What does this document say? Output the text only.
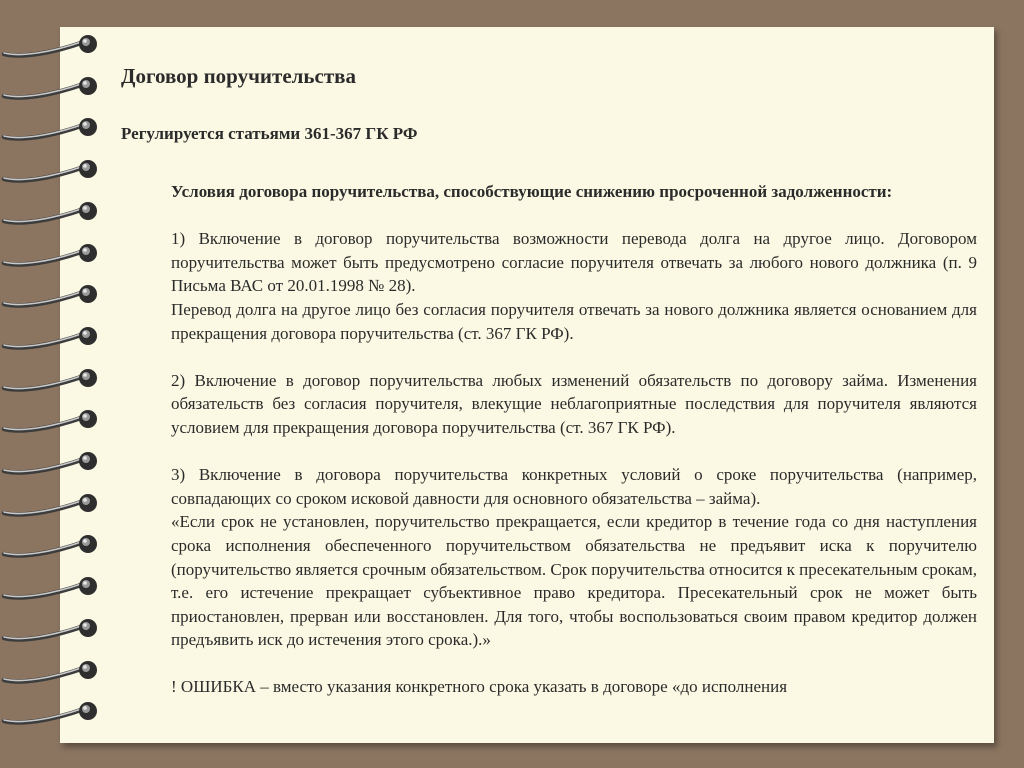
Договор поручительства
Регулируется статьями 361-367 ГК РФ

Условия договора поручительства, способствующие снижению просроченной задолженности:

1) Включение в договор поручительства возможности перевода долга на другое лицо. Договором поручительства может быть предусмотрено согласие поручителя отвечать за любого нового должника (п. 9 Письма ВАС от 20.01.1998 № 28).

Перевод долга на другое лицо без согласия поручителя отвечать за нового должника является основанием для прекращения договора поручительства (ст. 367 ГК РФ).

2) Включение в договор поручительства любых изменений обязательств по договору займа. Изменения обязательств без согласия поручителя, влекущие неблагоприятные последствия для поручителя являются условием для прекращения договора поручительства (ст. 367 ГК РФ).

3) Включение в договора поручительства конкретных условий о сроке поручительства (например, совпадающих со сроком исковой давности для основного обязательства – займа).

«Если срок не установлен, поручительство прекращается, если кредитор в течение года со дня наступления срока исполнения обеспеченного поручительством обязательства не предъявит иска к поручителю (поручительство является срочным обязательством. Срок поручительства относится к пресекательным срокам, т.е. его истечение прекращает субъективное право кредитора. Пресекательный срок не может быть приостановлен, прерван или восстановлен. Для того, чтобы воспользоваться своим правом кредитор должен предъявить иск до истечения этого срока.).»

! ОШИБКА – вместо указания конкретного срока указать в договоре «до исполнения
